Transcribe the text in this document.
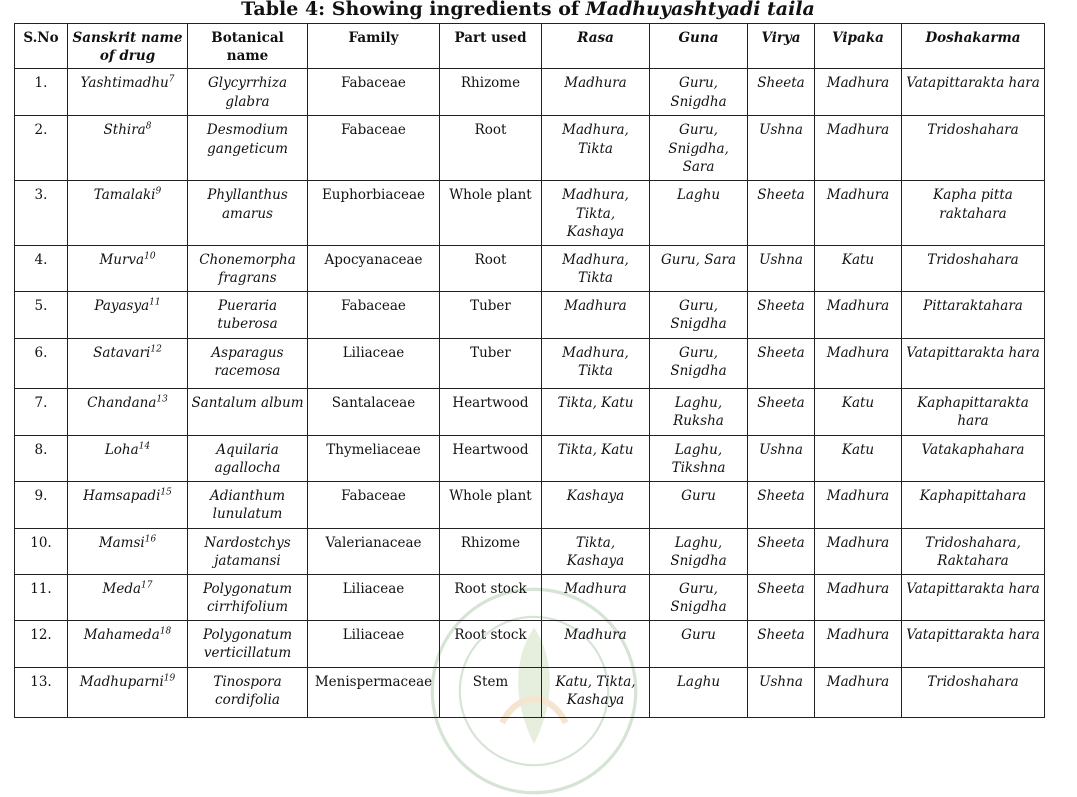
Table 4: Showing ingredients of Madhuyashtyadi taila
S.No	Sanskrit name of drug	Botanical name	Family	Part used	Rasa	Guna	Virya	Vipaka	Doshakarma
1.	Yashtimadhu$^7$	Glycyrrhiza glabra	Fabaceae	Rhizome	Madhura	Guru, Snigdha	Sheeta	Madhura	Vatapittarakta hara
2.	Sthira$^8$	Desmodium gangeticum	Fabaceae	Root	Madhura, Tikta	Guru, Snigdha, Sara	Ushna	Madhura	Tridoshahara
3.	Tamalaki$^9$	Phyllanthus amarus	Euphorbiaceae	Whole plant	Madhura, Tikta, Kashaya	Laghu	Sheeta	Madhura	Kapha pitta raktahara
4.	Murva$^{10}$	Chonemorpha fragrans	Apocyanaceae	Root	Madhura, Tikta	Guru, Sara	Ushna	Katu	Tridoshahara
5.	Payasya$^{11}$	Pueraria tuberosa	Fabaceae	Tuber	Madhura	Guru, Snigdha	Sheeta	Madhura	Pittaraktahara
6.	Satavari$^{12}$	Asparagus racemosa	Liliaceae	Tuber	Madhura, Tikta	Guru, Snigdha	Sheeta	Madhura	Vatapittarakta hara
7.	Chandana$^{13}$	Santalum album	Santalaceae	Heartwood	Tikta, Katu	Laghu, Ruksha	Sheeta	Katu	Kaphapittarakta hara
8.	Loha$^{14}$	Aquilaria agallocha	Thymeliaceae	Heartwood	Tikta, Katu	Laghu, Tikshna	Ushna	Katu	Vatakaphahara
9.	Hamsapadi$^{15}$	Adianthum lunulatum	Fabaceae	Whole plant	Kashaya	Guru	Sheeta	Madhura	Kaphapittahara
10.	Mamsi$^{16}$	Nardostchys jatamansi	Valerianaceae	Rhizome	Tikta, Kashaya	Laghu, Snigdha	Sheeta	Madhura	Tridoshahara, Raktahara
11.	Meda$^{17}$	Polygonatum cirrhifolium	Liliaceae	Root stock	Madhura	Guru, Snigdha	Sheeta	Madhura	Vatapittarakta hara
12.	Mahameda$^{18}$	Polygonatum verticillatum	Liliaceae	Root stock	Madhura	Guru	Sheeta	Madhura	Vatapittarakta hara
13.	Madhuparni$^{19}$	Tinospora cordifolia	Menispermaceae	Stem	Katu, Tikta, Kashaya	Laghu	Ushna	Madhura	Tridoshahara
